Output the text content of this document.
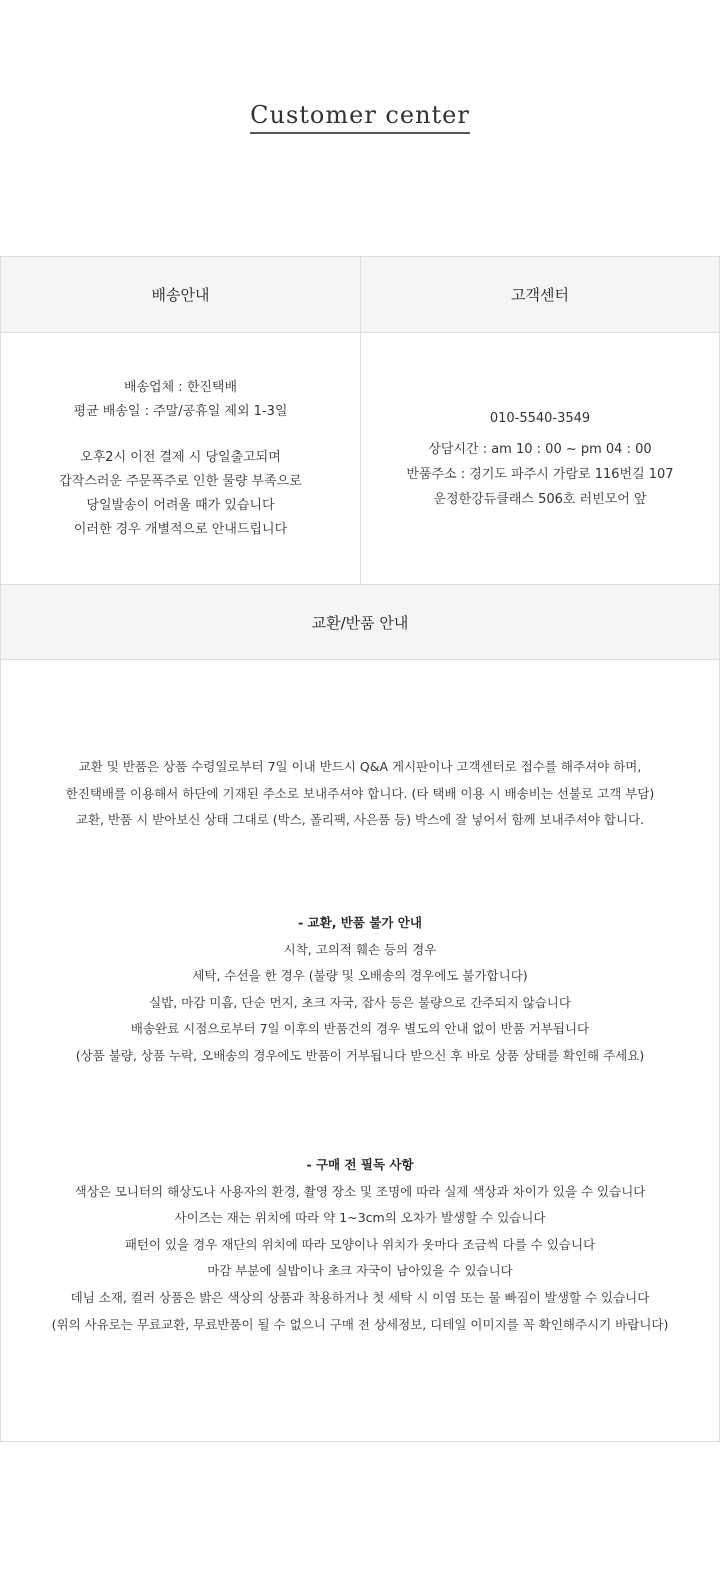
Customer center
배송안내	고객센터
배송업체 : 한진택배
평균 배송일 : 주말/공휴일 제외 1-3일
오후2시 이전 결제 시 당일출고되며
갑작스러운 주문폭주로 인한 물량 부족으로
당일발송이 어려울 때가 있습니다
이러한 경우 개별적으로 안내드립니다
010-5540-3549
상담시간 : am 10 : 00 ~ pm 04 : 00
반품주소 : 경기도 파주시 가람로 116번길 107
운정한강듀클래스 506호 러빈모어 앞
교환/반품 안내
교환 및 반품은 상품 수령일로부터 7일 이내 반드시 Q&A 게시판이나 고객센터로 접수를 해주셔야 하며,
한진택배를 이용해서 하단에 기재된 주소로 보내주셔야 합니다. (타 택배 이용 시 배송비는 선불로 고객 부담)
교환, 반품 시 받아보신 상태 그대로 (박스, 폴리팩, 사은품 등) 박스에 잘 넣어서 함께 보내주셔야 합니다.
- 교환, 반품 불가 안내
시착, 고의적 훼손 등의 경우
세탁, 수선을 한 경우 (불량 및 오배송의 경우에도 불가합니다)
실밥, 마감 미흡, 단순 먼지, 초크 자국, 잡사 등은 불량으로 간주되지 않습니다
배송완료 시점으로부터 7일 이후의 반품건의 경우 별도의 안내 없이 반품 거부됩니다
(상품 불량, 상품 누락, 오배송의 경우에도 반품이 거부됩니다 받으신 후 바로 상품 상태를 확인해 주세요)
- 구매 전 필독 사항
색상은 모니터의 해상도나 사용자의 환경, 촬영 장소 및 조명에 따라 실제 색상과 차이가 있을 수 있습니다
사이즈는 재는 위치에 따라 약 1~3cm의 오차가 발생할 수 있습니다
패턴이 있을 경우 재단의 위치에 따라 모양이나 위치가 옷마다 조금씩 다를 수 있습니다
마감 부분에 실밥이나 초크 자국이 남아있을 수 있습니다
데님 소재, 컬러 상품은 밝은 색상의 상품과 착용하거나 첫 세탁 시 이염 또는 물 빠짐이 발생할 수 있습니다
(위의 사유로는 무료교환, 무료반품이 될 수 없으니 구매 전 상세정보, 디테일 이미지를 꼭 확인해주시기 바랍니다)
